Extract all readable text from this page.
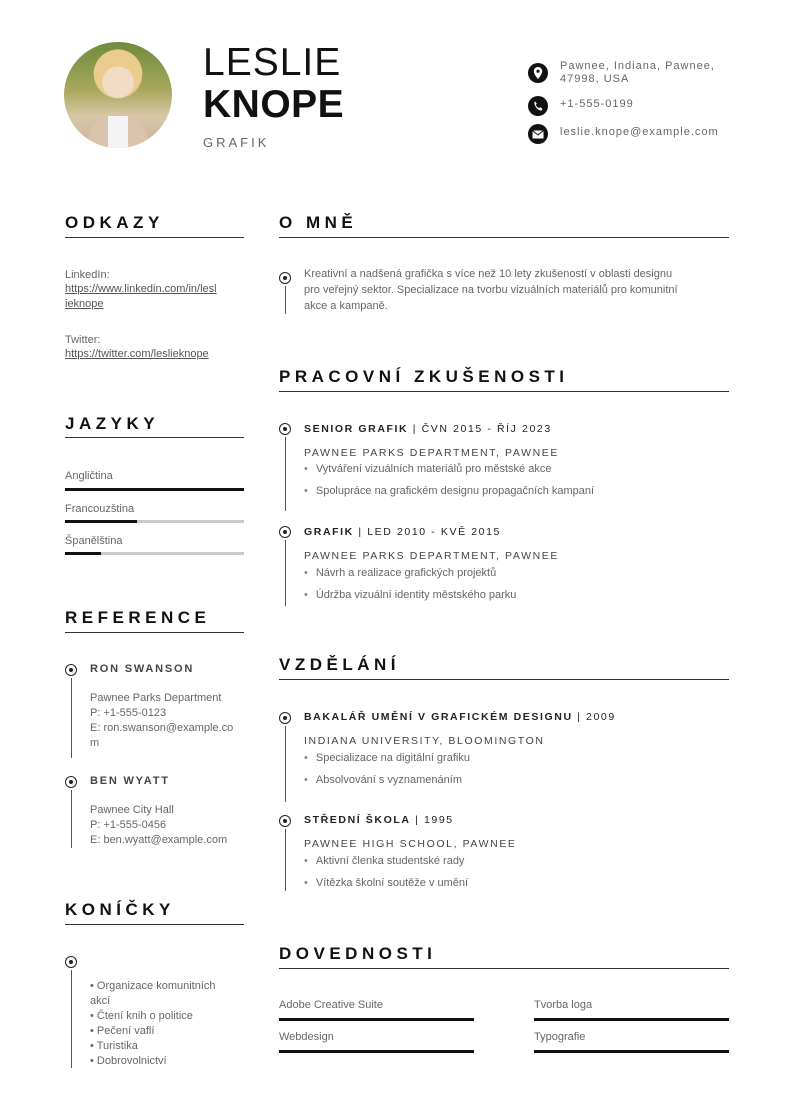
LESLIE
KNOPE
GRAFIK
Pawnee, Indiana, Pawnee, 47998, USA
+1-555-0199
leslie.knope@example.com
ODKAZY
LinkedIn:
https://www.linkedin.com/in/lesl
ieknope
Twitter:
https://twitter.com/leslieknope
JAZYKY
Angličtina
Francouzština
Španělština
REFERENCE
RON SWANSON
Pawnee Parks Department
P: +1-555-0123
E: ron.swanson@example.co
m
BEN WYATT
Pawnee City Hall
P: +1-555-0456
E: ben.wyatt@example.com
KONÍČKY
• Organizace komunitních
akcí
• Čtení knih o politice
• Pečení vaflí
• Turistika
• Dobrovolnictví
O MNĚ
Kreativní a nadšená grafička s více než 10 lety zkušeností v oblasti designu
pro veřejný sektor. Specializace na tvorbu vizuálních materiálů pro komunitní
akce a kampaně.
PRACOVNÍ ZKUŠENOSTI
SENIOR GRAFIK | ČVN 2015 - ŘÍJ 2023
PAWNEE PARKS DEPARTMENT, PAWNEE
• Vytváření vizuálních materiálů pro městské akce
• Spolupráce na grafickém designu propagačních kampaní
GRAFIK | LED 2010 - KVĚ 2015
PAWNEE PARKS DEPARTMENT, PAWNEE
• Návrh a realizace grafických projektů
• Údržba vizuální identity městského parku
VZDĚLÁNÍ
BAKALÁŘ UMĚNÍ V GRAFICKÉM DESIGNU | 2009
INDIANA UNIVERSITY, BLOOMINGTON
• Specializace na digitální grafiku
• Absolvování s vyznamenáním
STŘEDNÍ ŠKOLA | 1995
PAWNEE HIGH SCHOOL, PAWNEE
• Aktivní členka studentské rady
• Vítězka školní soutěže v umění
DOVEDNOSTI
Adobe Creative Suite	Tvorba loga
Webdesign	Typografie
